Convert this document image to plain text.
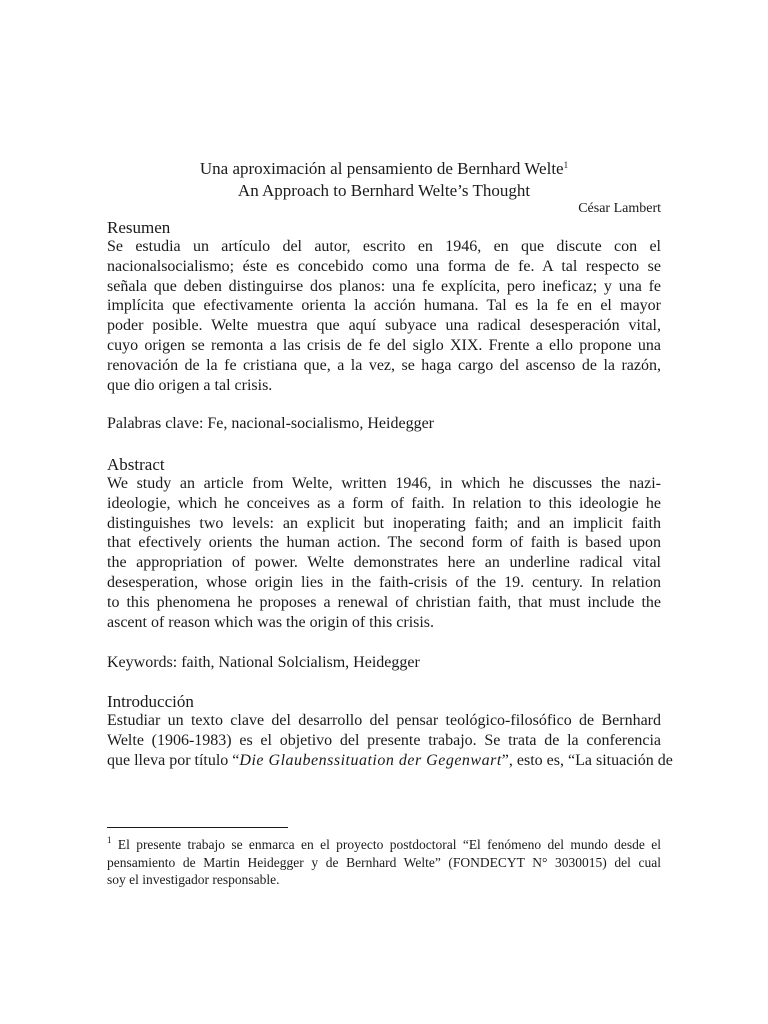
Una aproximación al pensamiento de Bernhard Welte$^1$
An Approach to Bernhard Welte’s Thought
César Lambert
Resumen
Se estudia un artículo del autor, escrito en 1946, en que discute con el
nacionalsocialismo; éste es concebido como una forma de fe. A tal respecto se
señala que deben distinguirse dos planos: una fe explícita, pero ineficaz; y una fe
implícita que efectivamente orienta la acción humana. Tal es la fe en el mayor
poder posible. Welte muestra que aquí subyace una radical desesperación vital,
cuyo origen se remonta a las crisis de fe del siglo XIX. Frente a ello propone una
renovación de la fe cristiana que, a la vez, se haga cargo del ascenso de la razón,
que dio origen a tal crisis.
Palabras clave: Fe, nacional-socialismo, Heidegger
Abstract
We study an article from Welte, written 1946, in which he discusses the nazi-
ideologie, which he conceives as a form of faith. In relation to this ideologie he
distinguishes two levels: an explicit but inoperating faith; and an implicit faith
that efectively orients the human action. The second form of faith is based upon
the appropriation of power. Welte demonstrates here an underline radical vital
desesperation, whose origin lies in the faith-crisis of the 19. century. In relation
to this phenomena he proposes a renewal of christian faith, that must include the
ascent of reason which was the origin of this crisis.
Keywords: faith, National Solcialism, Heidegger
Introducción
Estudiar un texto clave del desarrollo del pensar teológico-filosófico de Bernhard
Welte (1906-1983) es el objetivo del presente trabajo. Se trata de la conferencia
que lleva por título “Die Glaubenssituation der Gegenwart”, esto es, “La situación de
$^1$ El presente trabajo se enmarca en el proyecto postdoctoral “El fenómeno del mundo desde el
pensamiento de Martin Heidegger y de Bernhard Welte” (FONDECYT N° 3030015) del cual
soy el investigador responsable.
